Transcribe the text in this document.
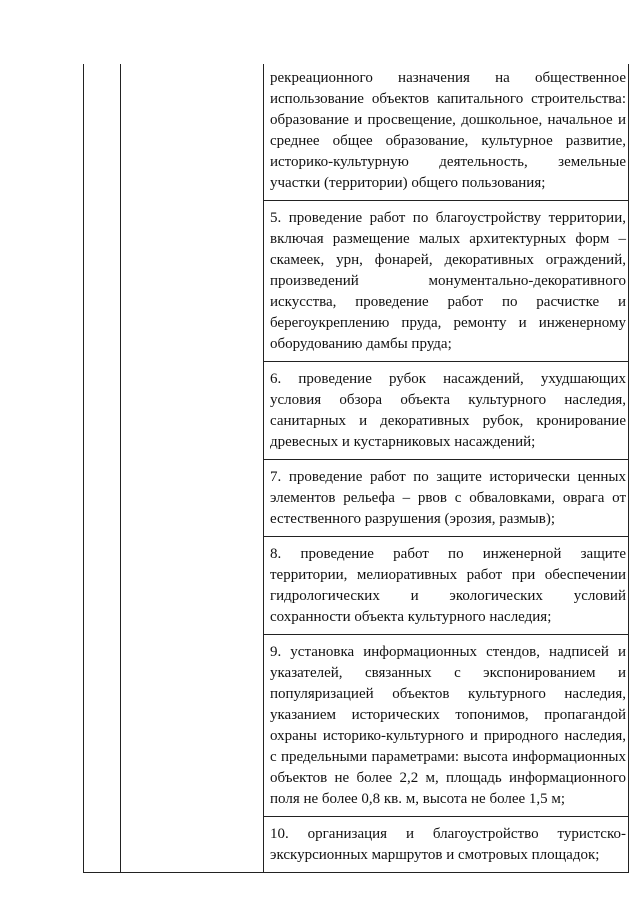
рекреационного назначения на общественное использование объектов капитального строительства: образование и просвещение, дошкольное, начальное и среднее общее образование, культурное развитие, историко-культурную деятельность, земельные участки (территории) общего пользования;

5. проведение работ по благоустройству территории, включая размещение малых архитектурных форм – скамеек, урн, фонарей, декоративных ограждений, произведений монументально-декоративного искусства, проведение работ по расчистке и берегоукреплению пруда, ремонту и инженерному оборудованию дамбы пруда;

6. проведение рубок насаждений, ухудшающих условия обзора объекта культурного наследия, санитарных и декоративных рубок, кронирование древесных и кустарниковых насаждений;

7. проведение работ по защите исторически ценных элементов рельефа – рвов с обваловками, оврага от естественного разрушения (эрозия, размыв);

8. проведение работ по инженерной защите территории, мелиоративных работ при обеспечении гидрологических и экологических условий сохранности объекта культурного наследия;

9. установка информационных стендов, надписей и указателей, связанных с экспонированием и популяризацией объектов культурного наследия, указанием исторических топонимов, пропагандой охраны историко-культурного и природного наследия, с предельными параметрами: высота информационных объектов не более 2,2 м, площадь информационного поля не более 0,8 кв. м, высота не более 1,5 м;

10. организация и благоустройство туристско-экскурсионных маршрутов и смотровых площадок;
